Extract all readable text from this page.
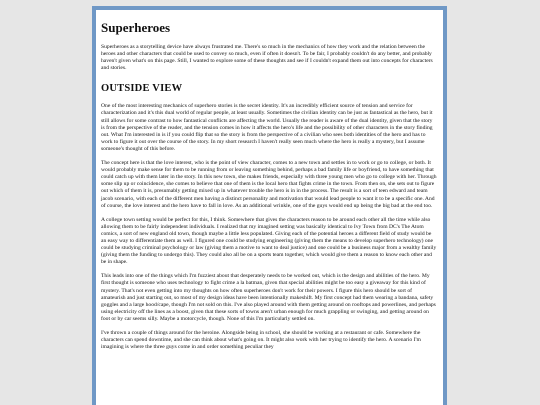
Superheroes

Superheroes as a storytelling device have always frustrated me. There's so much in the mechanics of how they work and the relation between the heroes and other characters that could be used to convey so much, even if often it doesn't. To be fair, I probably couldn't do any better, and probably haven't given what's on this page. Still, I wanted to explore some of these thoughts and see if I couldn't expand them out into concepts for characters and stories.

OUTSIDE VIEW

One of the most interesting mechanics of superhero stories is the secret identity. It's an incredibly efficient source of tension and service for characterization and it's this dual world of regular people, at least usually. Sometimes the civilian identity can be just as fantastical as the hero, but it still allows for some contrast to how fantastical conflicts are affecting the world. Usually the reader is aware of the dual identity, given that the story is from the perspective of the reader, and the tension comes in how it affects the hero's life and the possibility of other characters in the story finding out. What I'm interested in is if you could flip that so the story is from the perspective of a civilian who sees both identities of the hero and has to work to figure it out over the course of the story. In my short research I haven't really seen much where the hero is really a mystery, but I assume someone's thought of this before.

The concept here is that the love interest, who is the point of view character, comes to a new town and settles in to work or go to college, or both. It would probably make sense for them to be running from or leaving something behind, perhaps a bad family life or boyfriend, to have something that could catch up with them later in the story. In this new town, she makes friends, especially with three young men who go to college with her. Through some slip up or coincidence, she comes to believe that one of them is the local hero that fights crime in the town. From then on, she sets out to figure out which of them it is, presumably getting mixed up in whatever trouble the hero is in in the process. The result is a sort of teen edward and team jacob scenario, with each of the different men having a distinct personality and motivation that would lead people to want it to be a specific one. And of course, the love interest and the hero have to fall in love. As an additional wrinkle, one of the guys would end up being the big bad at the end too.

A college town setting would be perfect for this, I think. Somewhere that gives the characters reason to be around each other all the time while also allowing them to be fairly independent individuals. I realized that my imagined setting was basically identical to Ivy Town from DC's The Atom comics, a sort of new england old town, though maybe a little less populated. Giving each of the potential heroes a different field of study would be an easy way to differentiate them as well. I figured one could be studying engineering (giving them the means to develop superhero technology) one could be studying criminal psychology or law (giving them a motive to want to deal justice) and one could be a business major from a wealthy family (giving them the funding to undergo this). They could also all be on a sports team together, which would give them a reason to know each other and be in shape.

This leads into one of the things which I'm fuzziest about that desperately needs to be worked out, which is the design and abilities of the hero. My first thought is someone who uses technology to fight crime a la batman, given that special abilities might be too easy a giveaway for this kind of mystery. That's not even getting into my thoughts on how often superheroes don't work for their powers. I figure this hero should be sort of amateurish and just starting out, so most of my design ideas have been intentionally makeshift. My first concept had them wearing a bandana, safety goggles and a large hood/cape, though I'm not sold on this. I've also played around with them getting around on rooftops and powerlines, and perhaps using electricity off the lines as a boost, given that these sorts of towns aren't urban enough for much grappling or swinging, and getting around on foot or by car seems silly. Maybe a motorcycle, though. None of this I'm particularly settled on.

I've thrown a couple of things around for the heroine. Alongside being in school, she should be working at a restaurant or cafe. Somewhere the characters can spend downtime, and she can think about what's going on. It might also work with her trying to identify the hero. A scenario I'm imagining is where the three guys come in and order something peculiar they
